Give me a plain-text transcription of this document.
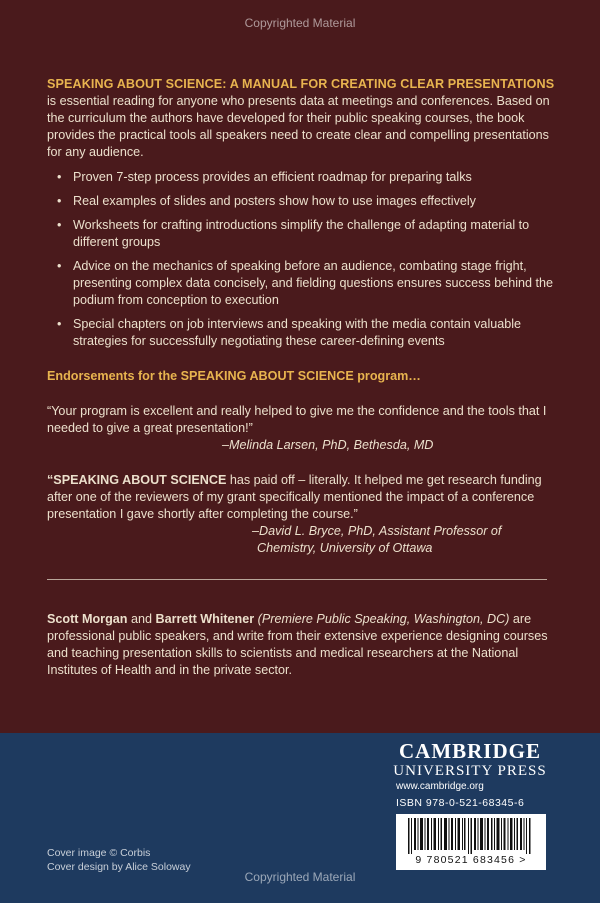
Copyrighted Material
SPEAKING ABOUT SCIENCE: A MANUAL FOR CREATING CLEAR PRESENTATIONS
is essential reading for anyone who presents data at meetings and conferences. Based on the curriculum the authors have developed for their public speaking courses, the book provides the practical tools all speakers need to create clear and compelling presentations for any audience.
• Proven 7-step process provides an efficient roadmap for preparing talks
• Real examples of slides and posters show how to use images effectively
• Worksheets for crafting introductions simplify the challenge of adapting material to different groups
• Advice on the mechanics of speaking before an audience, combating stage fright, presenting complex data concisely, and fielding questions ensures success behind the podium from conception to execution
• Special chapters on job interviews and speaking with the media contain valuable strategies for successfully negotiating these career-defining events
Endorsements for the SPEAKING ABOUT SCIENCE program…
“Your program is excellent and really helped to give me the confidence and the tools that I needed to give a great presentation!”
–Melinda Larsen, PhD, Bethesda, MD
“SPEAKING ABOUT SCIENCE has paid off – literally. It helped me get research funding after one of the reviewers of my grant specifically mentioned the impact of a conference presentation I gave shortly after completing the course.”
–David L. Bryce, PhD, Assistant Professor of
Chemistry, University of Ottawa
Scott Morgan and Barrett Whitener (Premiere Public Speaking, Washington, DC) are professional public speakers, and write from their extensive experience designing courses and teaching presentation skills to scientists and medical researchers at the National Institutes of Health and in the private sector.
CAMBRIDGE
UNIVERSITY PRESS
www.cambridge.org
ISBN 978-0-521-68345-6
9 780521 683456 >
Cover image © Corbis
Cover design by Alice Soloway
Copyrighted Material
